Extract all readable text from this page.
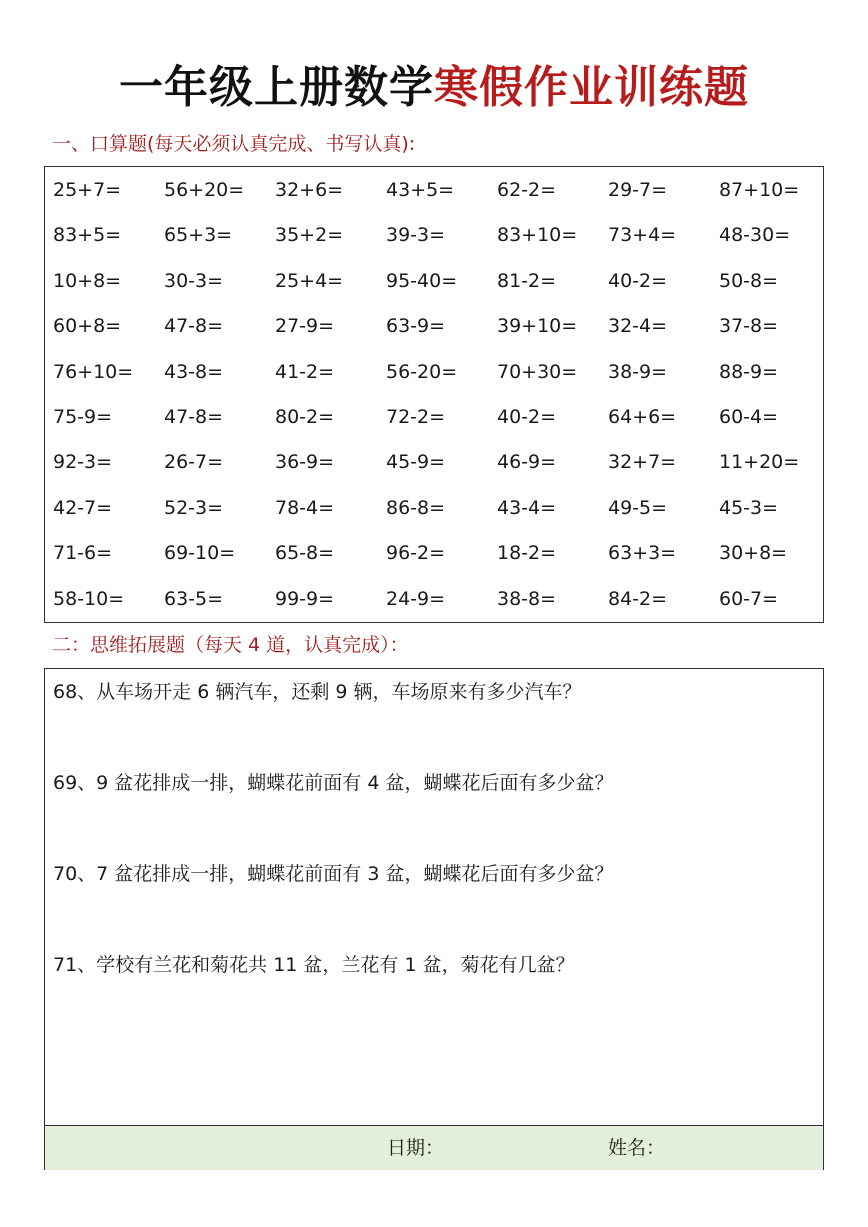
一年级上册数学寒假作业训练题
一、口算题(每天必须认真完成、书写认真):
25+7= 56+20= 32+6= 43+5= 62-2=	29-7=	87+10=
83+5= 65+3= 35+2= 39-3=	83+10= 73+4= 48-30=
10+8= 30-3=	25+4= 95-40= 81-2=	40-2=	50-8=
60+8= 47-8=	27-9=	63-9=	39+10= 32-4=	37-8=
76+10= 43-8=	41-2=	56-20= 70+30= 38-9=	88-9=
75-9=	47-8=	80-2=	72-2=	40-2=	64+6= 60-4=
92-3=	26-7=	36-9=	45-9=	46-9=	32+7= 11+20=
42-7=	52-3=	78-4=	86-8=	43-4=	49-5=	45-3=
71-6=	69-10= 65-8=	96-2=	18-2=	63+3= 30+8=
58-10= 63-5=	99-9=	24-9=	38-8=	84-2=	60-7=
二：思维拓展题（每天 4 道，认真完成）：
68、从车场开走 6 辆汽车，还剩 9 辆，车场原来有多少汽车？
69、9 盆花排成一排，蝴蝶花前面有 4 盆，蝴蝶花后面有多少盆？
70、7 盆花排成一排，蝴蝶花前面有 3 盆，蝴蝶花后面有多少盆？
71、学校有兰花和菊花共 11 盆，兰花有 1 盆，菊花有几盆？
日期：	姓名：
